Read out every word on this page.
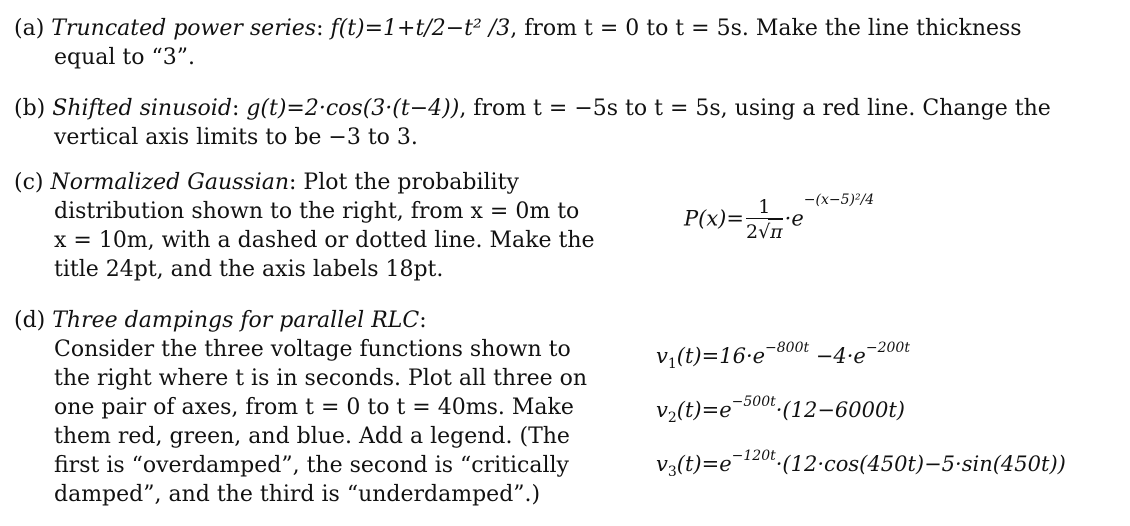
(a) Truncated power series: f(t)=1+t/2−t² /3, from t = 0 to t = 5s. Make the line thickness
equal to “3”.
(b) Shifted sinusoid: g(t)=2·cos(3·(t−4)), from t = −5s to t = 5s, using a red line. Change the
vertical axis limits to be −3 to 3.
(c) Normalized Gaussian: Plot the probability
distribution shown to the right, from x = 0m to
x = 10m, with a dashed or dotted line. Make the
title 24pt, and the axis labels 18pt.
$P(x)= \frac{1}{2√\pi} \cdot e^{-(x-5)^2/4}$
(d) Three dampings for parallel RLC:
Consider the three voltage functions shown to
the right where t is in seconds. Plot all three on
one pair of axes, from t = 0 to t = 40ms. Make
them red, green, and blue. Add a legend. (The
first is “overdamped”, the second is “critically
damped”, and the third is “underdamped”.)
$v1(t)=16\cdot e^{-800t} -4\cdot e^{-200t}$
$v2(t)=e^{-500t}\cdot(12-6000t)$
$v3(t)=e^{-120t}\cdot(12\cdot\cos(450t)-5\cdot\sin(450t))$
